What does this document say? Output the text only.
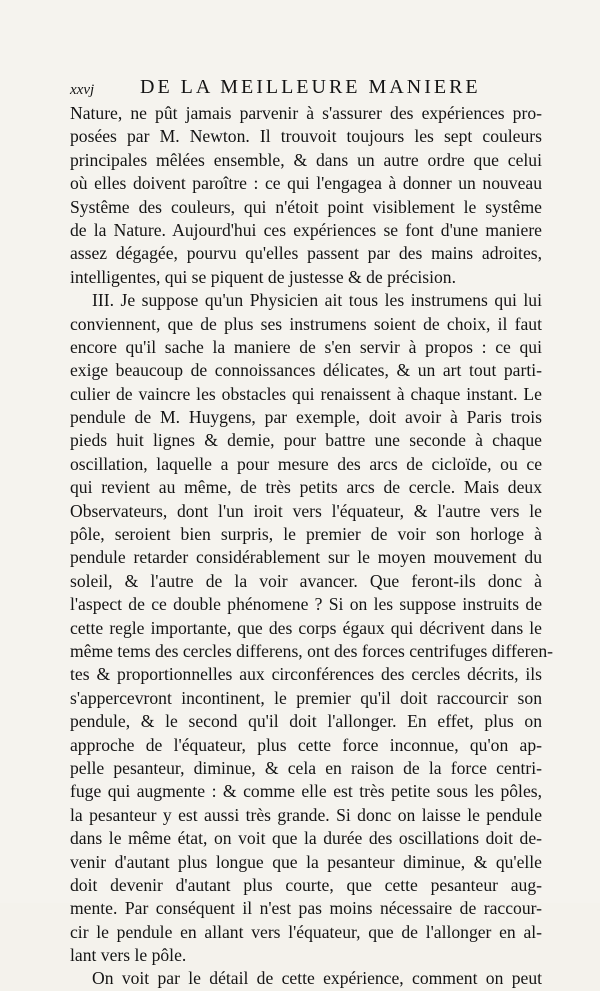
xxvj DE LA MEILLEURE MANIERE
Nature, ne pût jamais parvenir à s'assurer des expériences pro-
posées par M. Newton. Il trouvoit toujours les sept couleurs
principales mêlées ensemble, & dans un autre ordre que celui
où elles doivent paroître : ce qui l'engagea à donner un nouveau
Systême des couleurs, qui n'étoit point visiblement le systême
de la Nature. Aujourd'hui ces expériences se font d'une maniere
assez dégagée, pourvu qu'elles passent par des mains adroites,
intelligentes, qui se piquent de justesse & de précision.
III. Je suppose qu'un Physicien ait tous les instrumens qui lui
conviennent, que de plus ses instrumens soient de choix, il faut
encore qu'il sache la maniere de s'en servir à propos : ce qui
exige beaucoup de connoissances délicates, & un art tout parti-
culier de vaincre les obstacles qui renaissent à chaque instant. Le
pendule de M. Huygens, par exemple, doit avoir à Paris trois
pieds huit lignes & demie, pour battre une seconde à chaque
oscillation, laquelle a pour mesure des arcs de cicloïde, ou ce
qui revient au même, de très petits arcs de cercle. Mais deux
Observateurs, dont l'un iroit vers l'équateur, & l'autre vers le
pôle, seroient bien surpris, le premier de voir son horloge à
pendule retarder considérablement sur le moyen mouvement du
soleil, & l'autre de la voir avancer. Que feront-ils donc à
l'aspect de ce double phénomene ? Si on les suppose instruits de
cette regle importante, que des corps égaux qui décrivent dans le
même tems des cercles differens, ont des forces centrifuges differen-
tes & proportionnelles aux circonférences des cercles décrits, ils
s'appercevront incontinent, le premier qu'il doit raccourcir son
pendule, & le second qu'il doit l'allonger. En effet, plus on
approche de l'équateur, plus cette force inconnue, qu'on ap-
pelle pesanteur, diminue, & cela en raison de la force centri-
fuge qui augmente : & comme elle est très petite sous les pôles,
la pesanteur y est aussi très grande. Si donc on laisse le pendule
dans le même état, on voit que la durée des oscillations doit de-
venir d'autant plus longue que la pesanteur diminue, & qu'elle
doit devenir d'autant plus courte, que cette pesanteur aug-
mente. Par conséquent il n'est pas moins nécessaire de raccour-
cir le pendule en allant vers l'équateur, que de l'allonger en al-
lant vers le pôle.
On voit par le détail de cette expérience, comment on peut
